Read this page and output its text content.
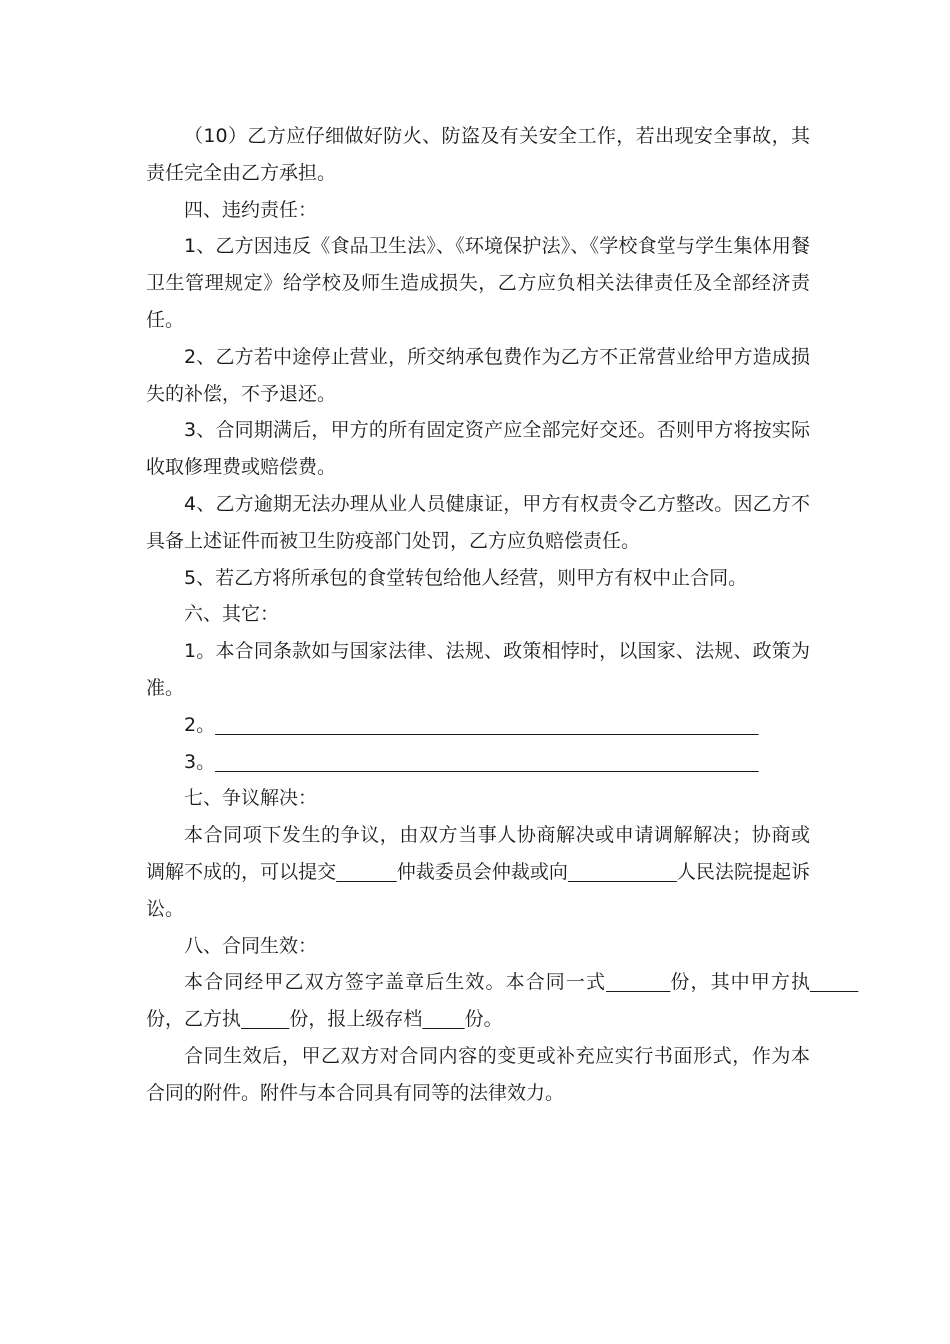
（10）乙方应仔细做好防火、防盗及有关安全工作，若出现安全事故，其责任完全由乙方承担。

四、违约责任：

1、乙方因违反《食品卫生法》、《环境保护法》、《学校食堂与学生集体用餐卫生管理规定》给学校及师生造成损失，乙方应负相关法律责任及全部经济责任。

2、乙方若中途停止营业，所交纳承包费作为乙方不正常营业给甲方造成损失的补偿，不予退还。

3、合同期满后，甲方的所有固定资产应全部完好交还。否则甲方将按实际收取修理费或赔偿费。

4、乙方逾期无法办理从业人员健康证，甲方有权责令乙方整改。因乙方不具备上述证件而被卫生防疫部门处罚，乙方应负赔偿责任。

5、若乙方将所承包的食堂转包给他人经营，则甲方有权中止合同。

六、其它：

1。本合同条款如与国家法律、法规、政策相悖时，以国家、法规、政策为准。

2。

3。

七、争议解决：

本合同项下发生的争议，由双方当事人协商解决或申请调解解决；协商或调解不成的，可以提交	仲裁委员会仲裁或向	人民法院提起诉讼。

八、合同生效：

本合同经甲乙双方签字盖章后生效。本合同一式	份，其中甲方执        份，乙方执	份，报上级存档 份。

合同生效后，甲乙双方对合同内容的变更或补充应实行书面形式，作为本合同的附件。附件与本合同具有同等的法律效力。
